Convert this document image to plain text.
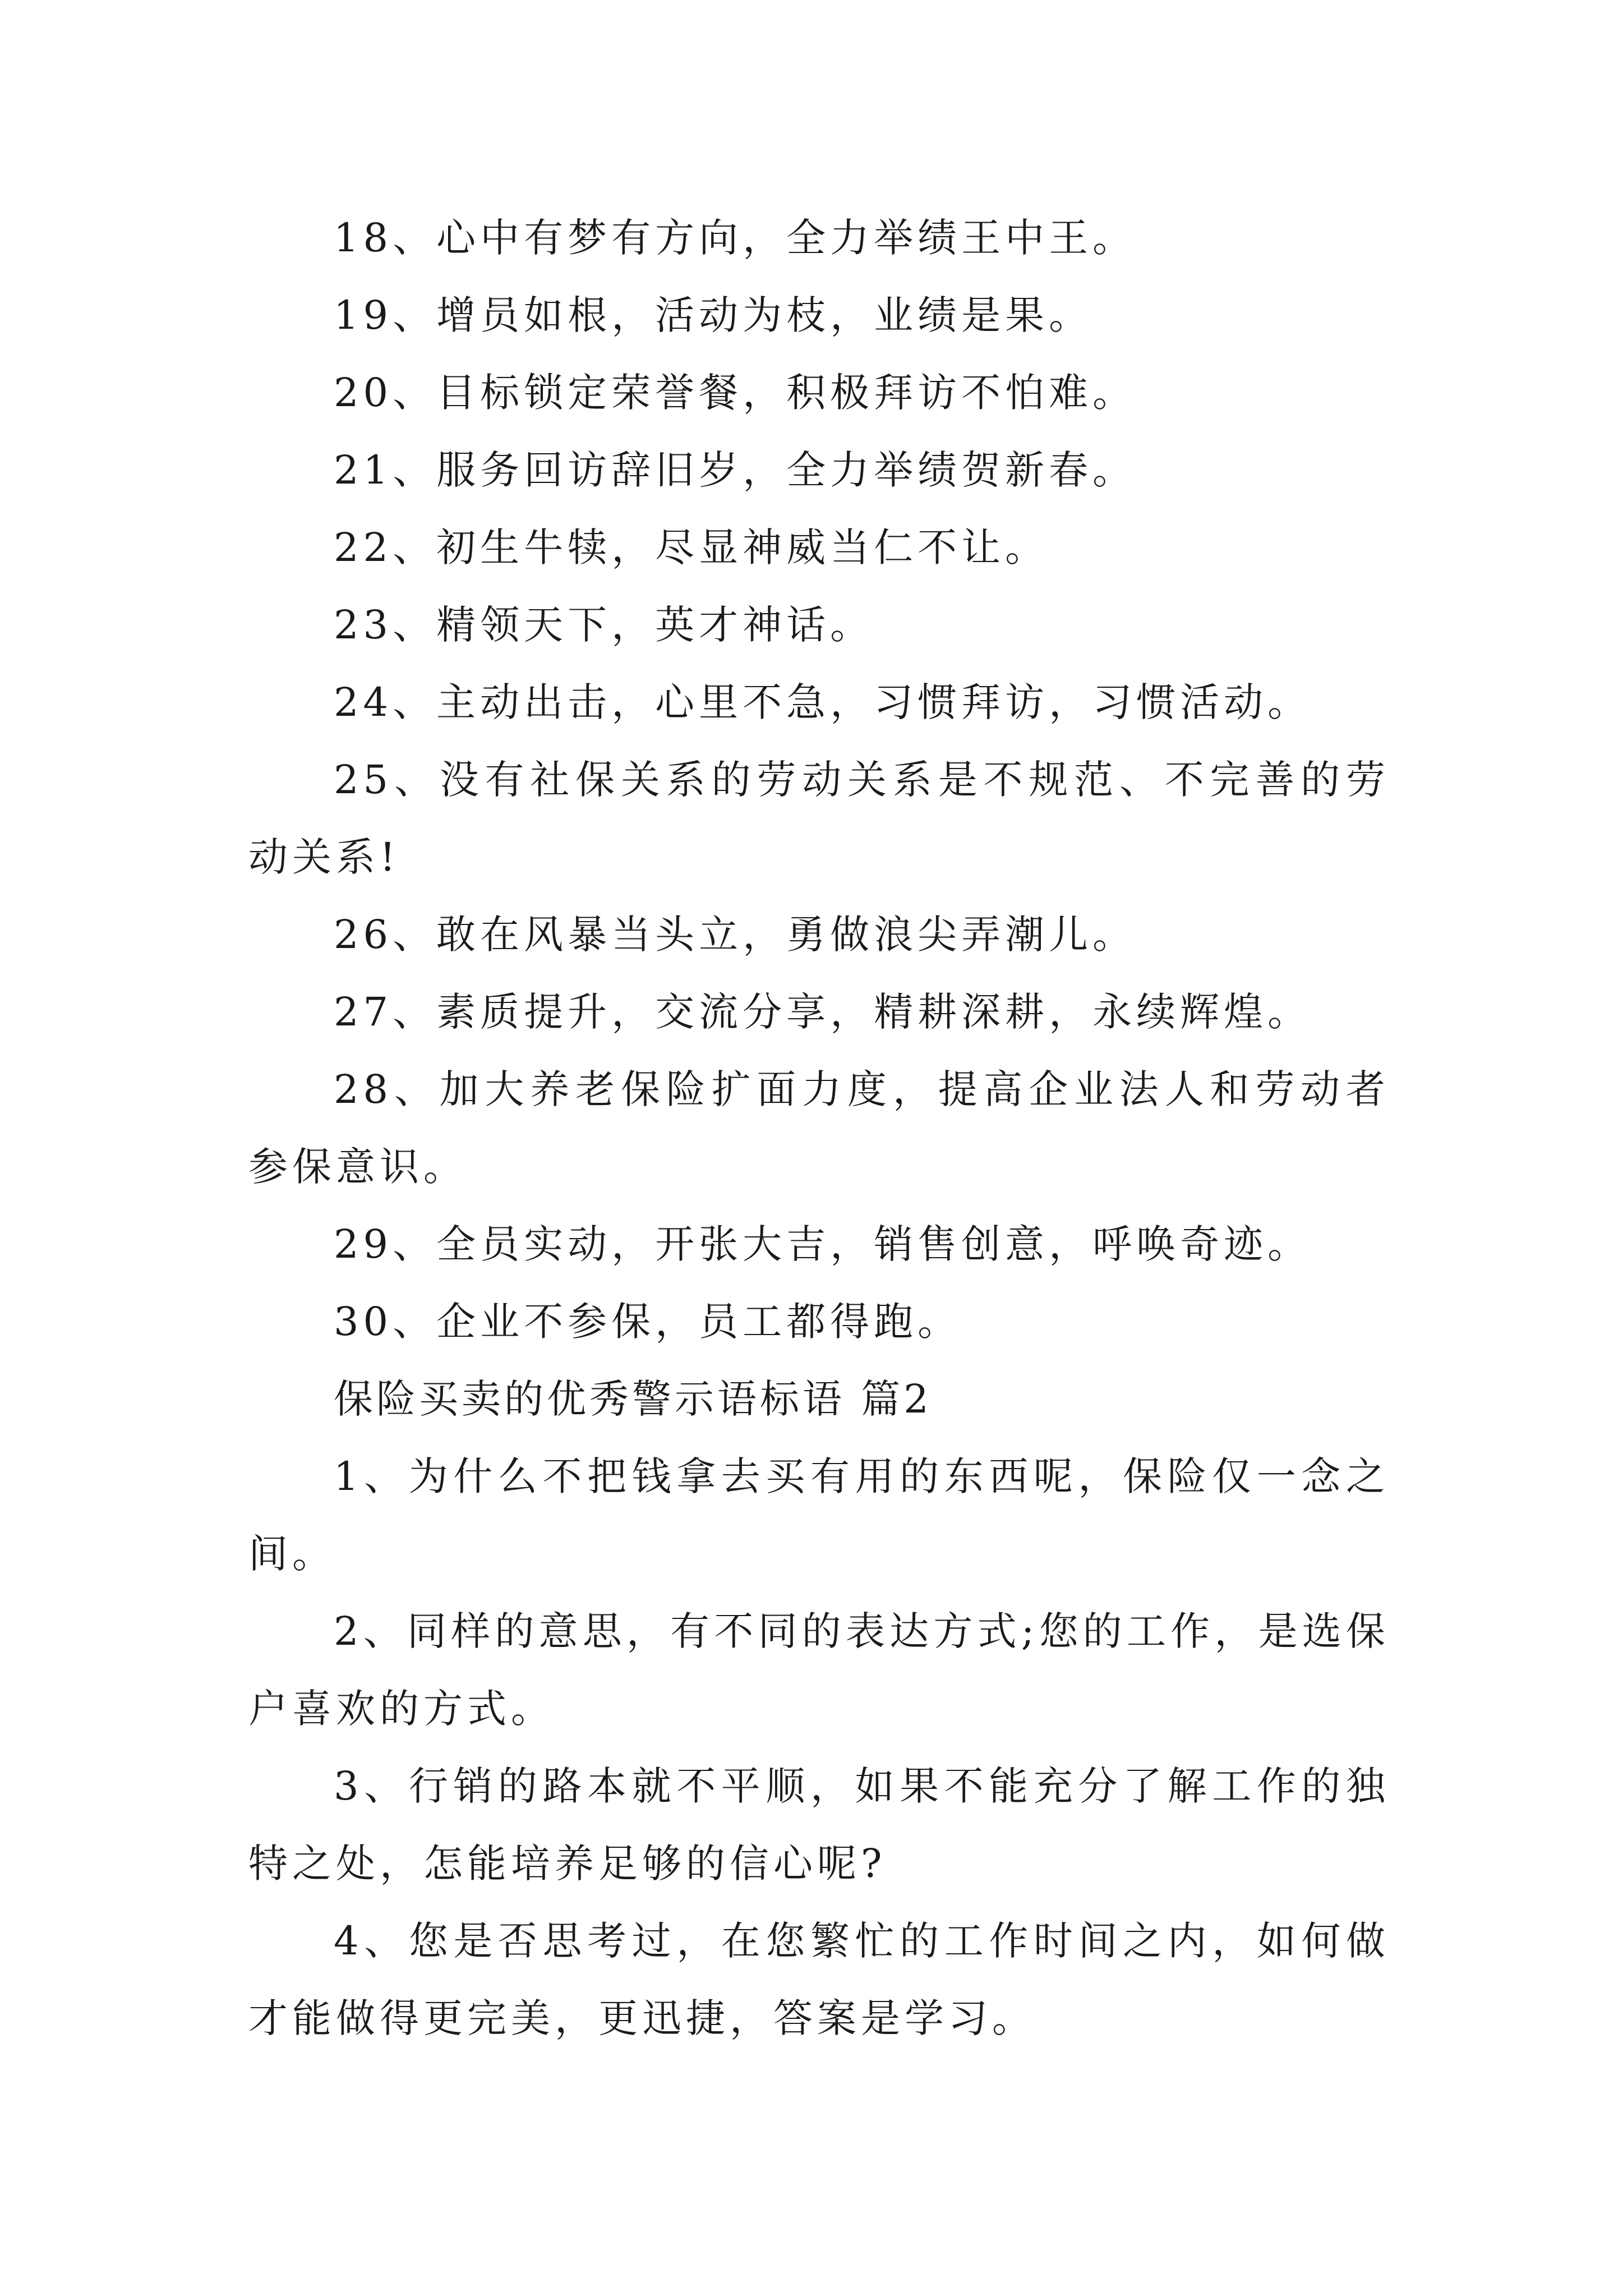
18、心中有梦有方向，全力举绩王中王。

19、增员如根，活动为枝，业绩是果。

20、目标锁定荣誉餐，积极拜访不怕难。

21、服务回访辞旧岁，全力举绩贺新春。

22、初生牛犊，尽显神威当仁不让。

23、精领天下，英才神话。

24、主动出击，心里不急，习惯拜访，习惯活动。

25、没有社保关系的劳动关系是不规范、不完善的劳动关系!

26、敢在风暴当头立，勇做浪尖弄潮儿。

27、素质提升，交流分享，精耕深耕，永续辉煌。

28、加大养老保险扩面力度，提高企业法人和劳动者参保意识。

29、全员实动，开张大吉，销售创意，呼唤奇迹。

30、企业不参保，员工都得跑。

保险买卖的优秀警示语标语 篇2

1、为什么不把钱拿去买有用的东西呢，保险仅一念之间。

2、同样的意思，有不同的表达方式;您的工作，是选保户喜欢的方式。

3、行销的路本就不平顺，如果不能充分了解工作的独特之处，怎能培养足够的信心呢?

4、您是否思考过，在您繁忙的工作时间之内，如何做才能做得更完美，更迅捷，答案是学习。
